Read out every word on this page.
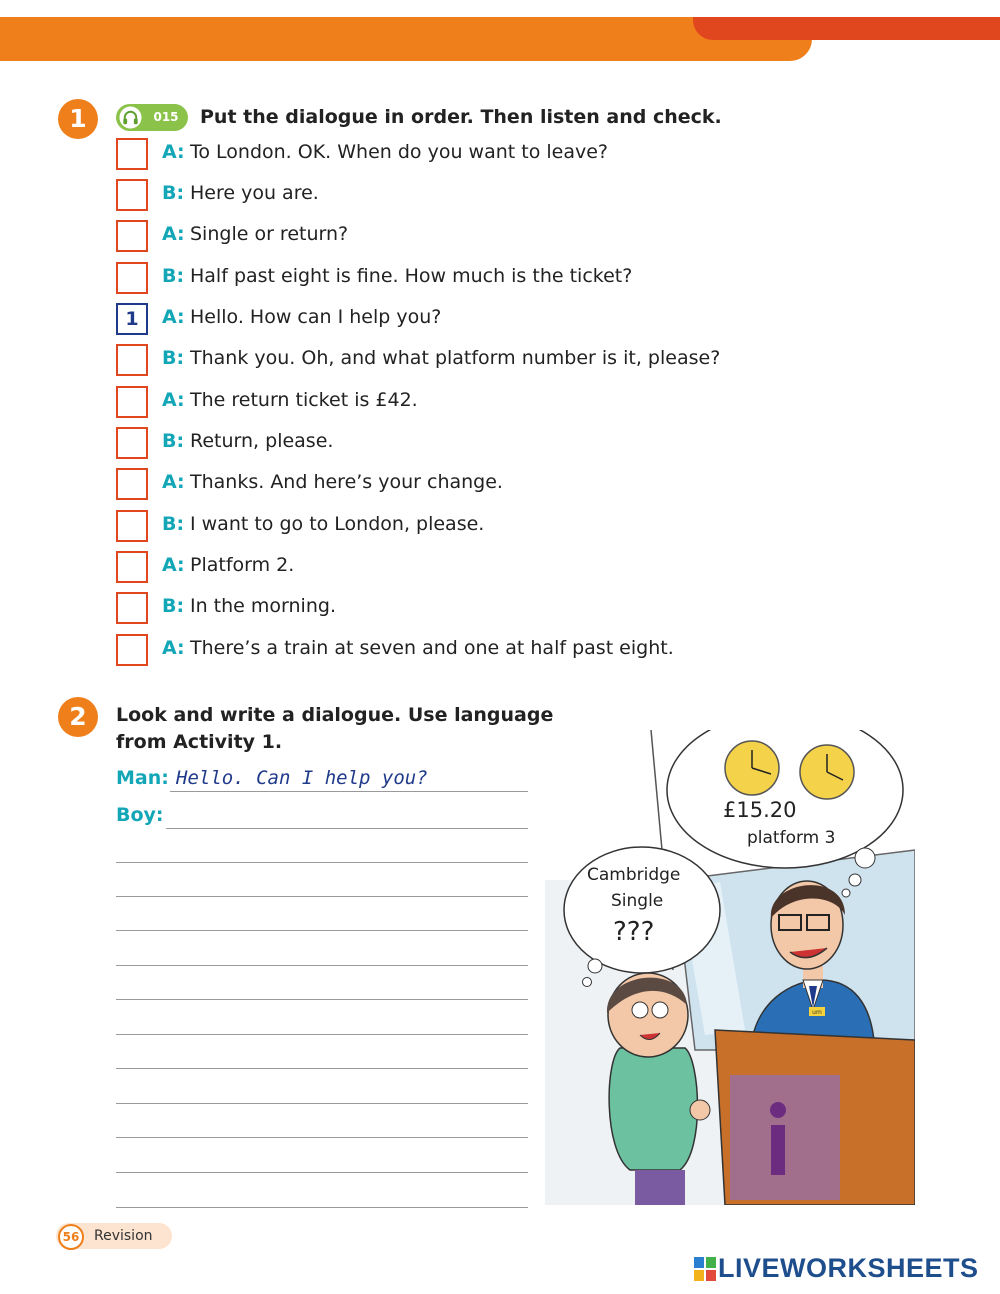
1	015	Put the dialogue in order. Then listen and check.
A: To London. OK. When do you want to leave?
B: Here you are.
A: Single or return?
B: Half past eight is fine. How much is the ticket?
1	A: Hello. How can I help you?
B: Thank you. Oh, and what platform number is it, please?
A: The return ticket is £42.
B: Return, please.
A: Thanks. And here’s your change.
B: I want to go to London, please.
A: Platform 2.
B: In the morning.
A: There’s a train at seven and one at half past eight.
2	Look and write a dialogue. Use language
from Activity 1.
Man: Hello. Can I help you?
Boy:
um
Cambridge
Single
???
£15.20
platform 3
56	Revision
LIVEWORKSHEETS
